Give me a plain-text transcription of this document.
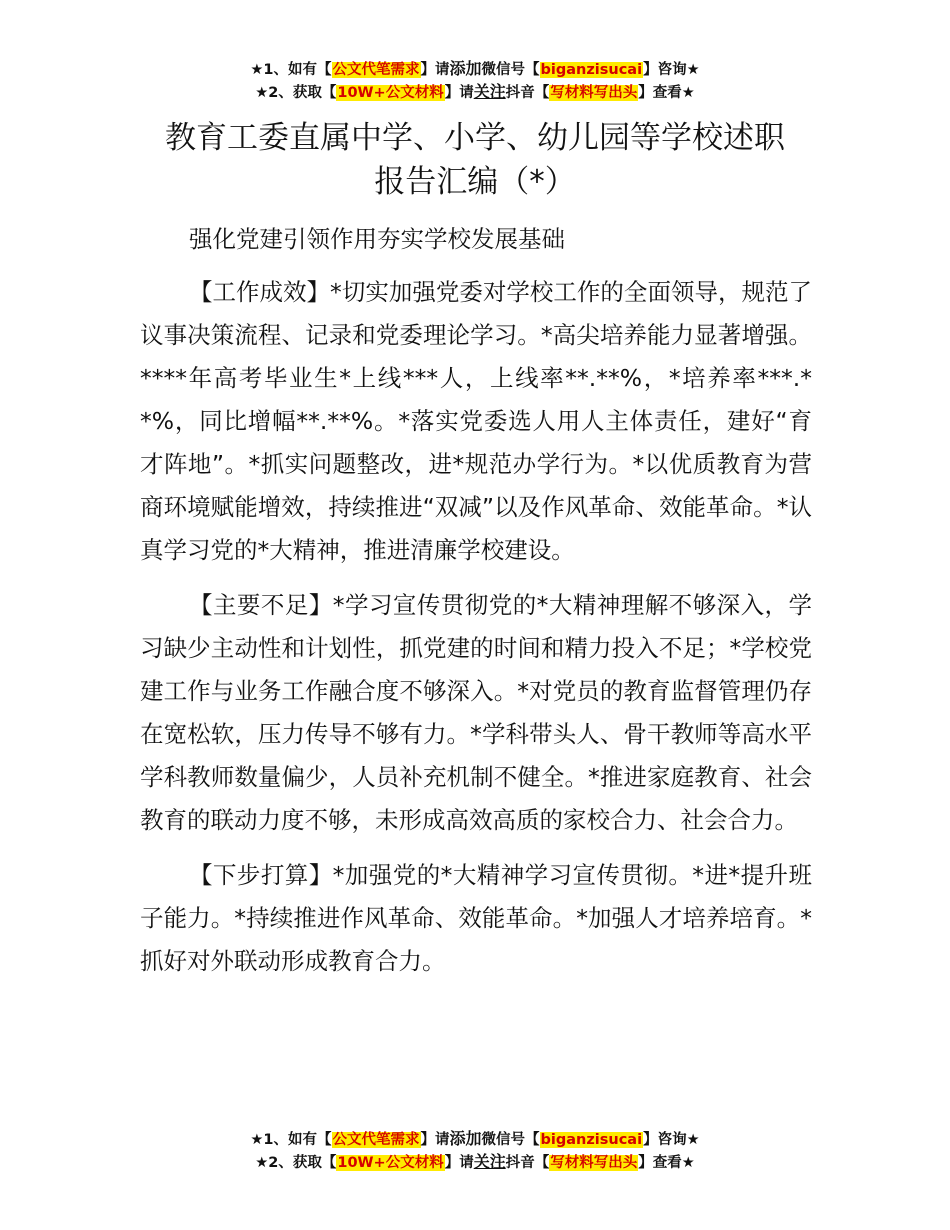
★1、如有【公文代笔需求】请添加微信号【biganzisucai】咨询★
★2、获取【10W+公文材料】请关注抖音【写材料写出头】查看★
教育工委直属中学、小学、幼儿园等学校述职
报告汇编（*）

强化党建引领作用夯实学校发展基础

【工作成效】*切实加强党委对学校工作的全面领导，规范了议事决策流程、记录和党委理论学习。*高尖培养能力显著增强。****年高考毕业生*上线***人，上线率**.**%，*培养率***.**%，同比增幅**.**%。*落实党委选人用人主体责任，建好“育才阵地”。*抓实问题整改，进*规范办学行为。*以优质教育为营商环境赋能增效，持续推进“双减”以及作风革命、效能革命。*认真学习党的*大精神，推进清廉学校建设。

【主要不足】*学习宣传贯彻党的*大精神理解不够深入，学习缺少主动性和计划性，抓党建的时间和精力投入不足；*学校党建工作与业务工作融合度不够深入。*对党员的教育监督管理仍存在宽松软，压力传导不够有力。*学科带头人、骨干教师等高水平学科教师数量偏少，人员补充机制不健全。*推进家庭教育、社会教育的联动力度不够，未形成高效高质的家校合力、社会合力。

【下步打算】*加强党的*大精神学习宣传贯彻。*进*提升班子能力。*持续推进作风革命、效能革命。*加强人才培养培育。*抓好对外联动形成教育合力。

★1、如有【公文代笔需求】请添加微信号【biganzisucai】咨询★
★2、获取【10W+公文材料】请关注抖音【写材料写出头】查看★
